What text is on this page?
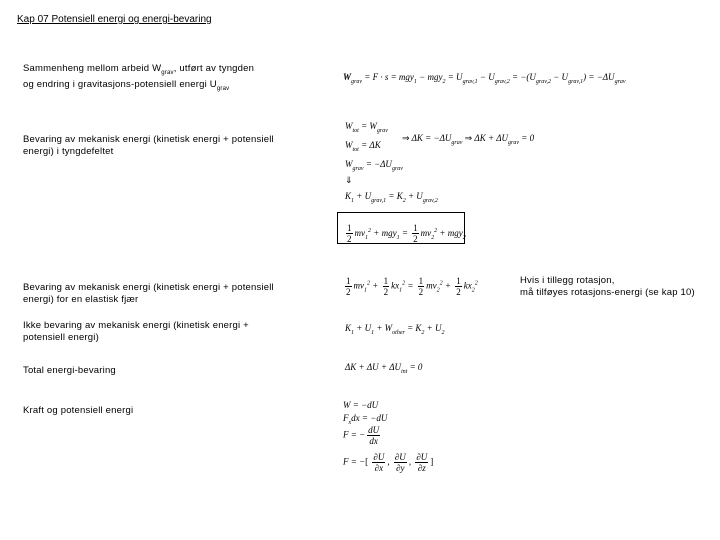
Kap 07 Potensiell energi og energi-bevaring
Sammenheng mellom arbeid $W_{grav}$, utført av tyngden
og endring i gravitasjons-potensiell energi $U_{grav}$
$W_{grav} = F \cdot s = mgy_1 - mgy_2 = U_{grav,1} - U_{grav,2} = -(U_{grav,2} - U_{grav,1}) = -\Delta U_{grav}$
Bevaring av mekanisk energi (kinetisk energi + potensiell
energi) i tyngdefeltet
$W_{tot} = W_{grav}$
$W_{tot} = \Delta K$
$W_{grav} = -\Delta U_{grav}$
⇒ $\Delta K = -\Delta U_{grav}$ ⇒ $\Delta K + \Delta U_{grav} = 0$
⇓
$K_1 + U_{grav,1} = K_2 + U_{grav,2}$
$\frac{1}{2} mv_1^2 + mgy_1 = \frac{1}{2} mv_2^2 + mgy_2$
Bevaring av mekanisk energi (kinetisk energi + potensiell
energi) for en elastisk fjær
$\frac{1}{2} mv_1^2 + \frac{1}{2} kx_1^2 = \frac{1}{2} mv_2^2 + \frac{1}{2} kx_2^2$	Hvis i tillegg rotasjon,
må tilføyes rotasjons-energi (se kap 10)
Ikke bevaring av mekanisk energi (kinetisk energi +
potensiell energi)
$K_1 + U_1 + W_{other} = K_2 + U_2$
Total energi-bevaring	$\Delta K + \Delta U + \Delta U_{int} = 0$
Kraft og potensiell energi	W = −dU
$F_xdx = -dU$
F = − $\frac{dU}{dx}$
F = −[ $\frac{\partial U}{\partial x}$ , $\frac{\partial U}{\partial y}$ , $\frac{\partial U}{\partial z}$ ]
